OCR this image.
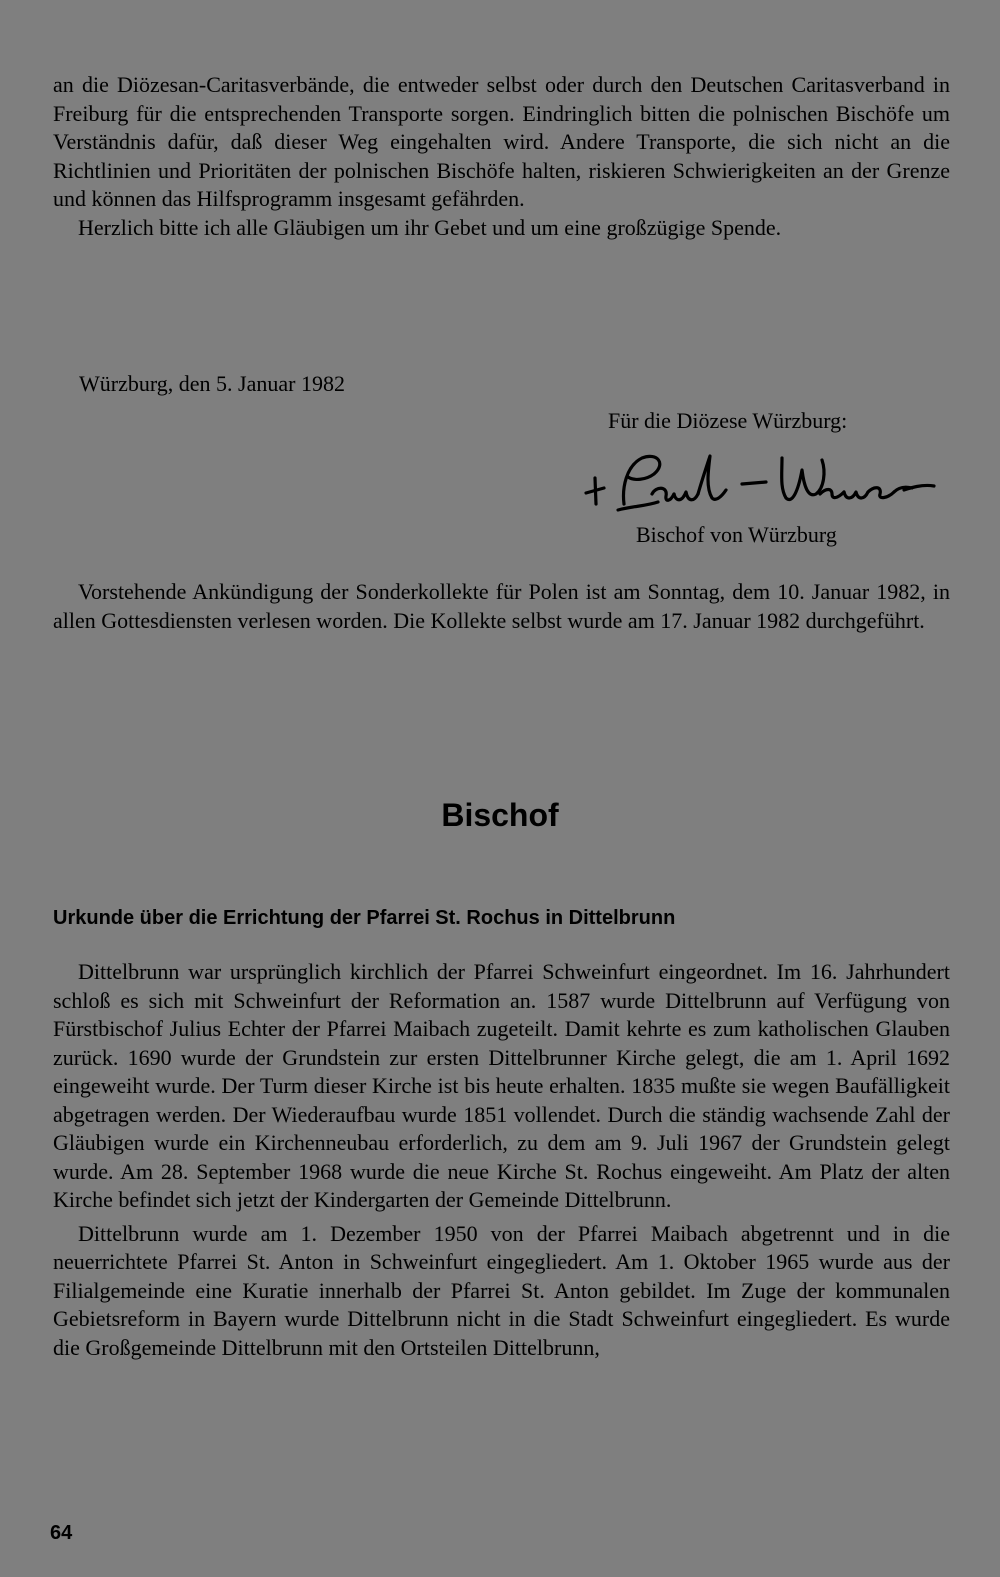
an die Diözesan-Caritasverbände, die entweder selbst oder durch den Deutschen Caritasverband in Freiburg für die entsprechenden Transporte sorgen. Eindringlich bitten die polnischen Bischöfe um Verständnis dafür, daß dieser Weg eingehalten wird. Andere Transporte, die sich nicht an die Richtlinien und Prioritäten der polnischen Bischöfe halten, riskieren Schwierigkeiten an der Grenze und können das Hilfsprogramm insgesamt gefährden.

Herzlich bitte ich alle Gläubigen um ihr Gebet und um eine großzügige Spende.

Würzburg, den 5. Januar 1982
Für die Diözese Würzburg:
Bischof von Würzburg

Vorstehende Ankündigung der Sonderkollekte für Polen ist am Sonntag, dem 10. Januar 1982, in allen Gottesdiensten verlesen worden. Die Kollekte selbst wurde am 17. Januar 1982 durchgeführt.

Bischof
Urkunde über die Errichtung der Pfarrei St. Rochus in Dittelbrunn

Dittelbrunn war ursprünglich kirchlich der Pfarrei Schweinfurt eingeordnet. Im 16. Jahrhundert schloß es sich mit Schweinfurt der Reformation an. 1587 wurde Dittelbrunn auf Verfügung von Fürstbischof Julius Echter der Pfarrei Maibach zugeteilt. Damit kehrte es zum katholischen Glauben zurück. 1690 wurde der Grundstein zur ersten Dittelbrunner Kirche gelegt, die am 1. April 1692 eingeweiht wurde. Der Turm dieser Kirche ist bis heute erhalten. 1835 mußte sie wegen Baufälligkeit abgetragen werden. Der Wiederaufbau wurde 1851 vollendet. Durch die ständig wachsende Zahl der Gläubigen wurde ein Kirchenneubau erforderlich, zu dem am 9. Juli 1967 der Grundstein gelegt wurde. Am 28. September 1968 wurde die neue Kirche St. Rochus eingeweiht. Am Platz der alten Kirche befindet sich jetzt der Kindergarten der Gemeinde Dittelbrunn.

Dittelbrunn wurde am 1. Dezember 1950 von der Pfarrei Maibach abgetrennt und in die neuerrichtete Pfarrei St. Anton in Schweinfurt eingegliedert. Am 1. Oktober 1965 wurde aus der Filialgemeinde eine Kuratie innerhalb der Pfarrei St. Anton gebildet. Im Zuge der kommunalen Gebietsreform in Bayern wurde Dittelbrunn nicht in die Stadt Schweinfurt eingegliedert. Es wurde die Großgemeinde Dittelbrunn mit den Ortsteilen Dittelbrunn,

64
